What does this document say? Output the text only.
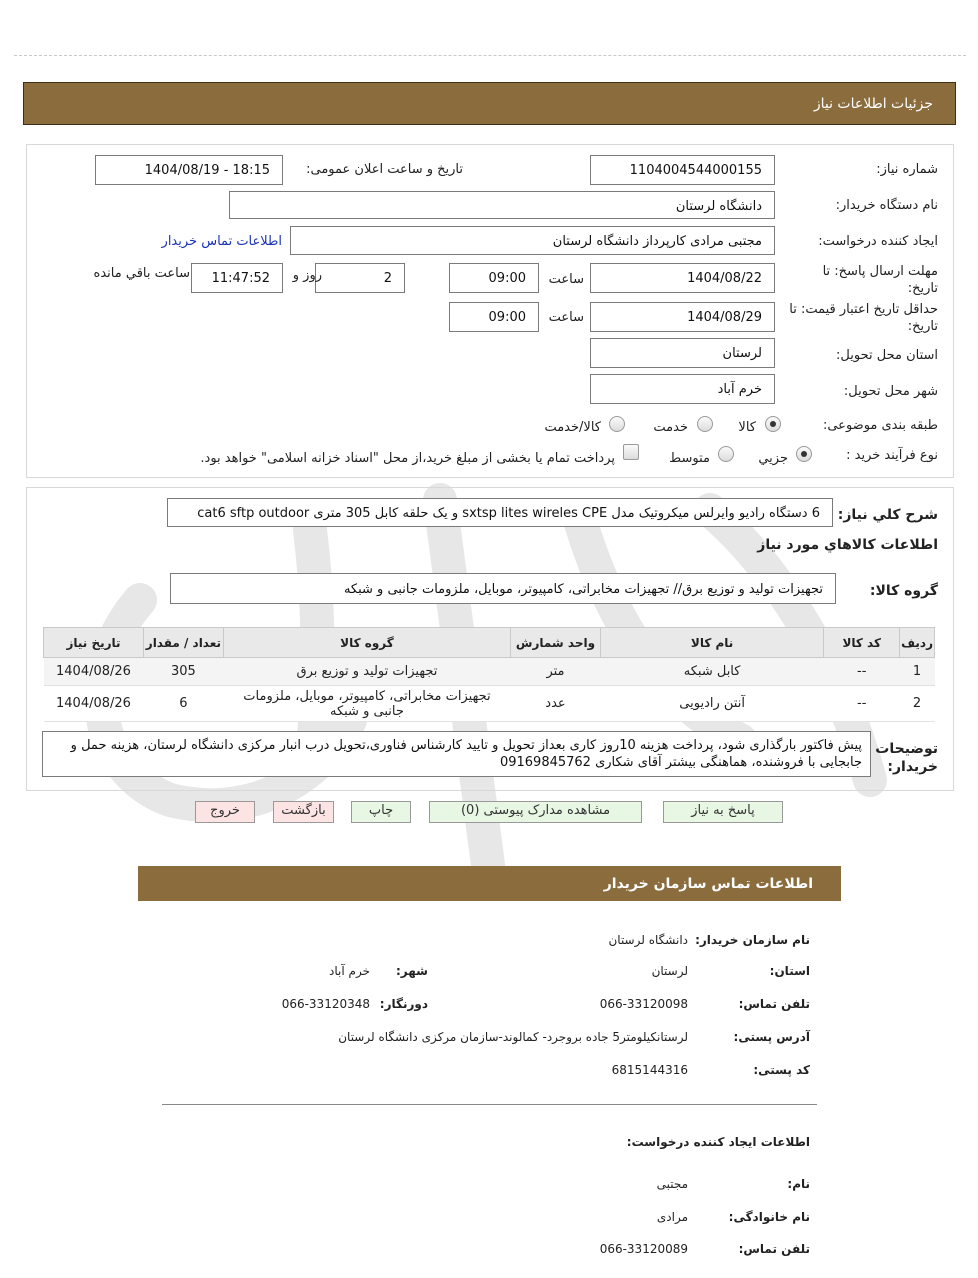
جزئیات اطلاعات نیاز
شماره نیاز:
1104004544000155
تاریخ و ساعت اعلان عمومی:
1404/08/19 - 18:15
نام دستگاه خریدار:
دانشگاه لرستان
ایجاد کننده درخواست:
مجتبی مرادی کارپرداز دانشگاه لرستان
اطلاعات تماس خریدار
مهلت ارسال پاسخ: تا تاریخ:
1404/08/22
ساعت
09:00
2
روز و
11:47:52
ساعت باقي مانده
حداقل تاریخ اعتبار قیمت: تا تاریخ:
1404/08/29
ساعت
09:00
استان محل تحویل:
لرستان
شهر محل تحویل:
خرم آباد
طبقه بندی موضوعی:
کالا
خدمت
کالا/خدمت
نوع فرآیند خرید :
جزيي
متوسط
پرداخت تمام یا بخشی از مبلغ خرید،از محل "اسناد خزانه اسلامی" خواهد بود.
شرح کلي نياز:
6 دستگاه رادیو وایرلس میکروتیک مدل sxtsp lites wireles CPE و یک حلقه کابل 305 متری cat6 sftp outdoor
اطلاعات کالاهاي مورد نياز
گروه کالا:
تجهیزات تولید و توزیع برق// تجهیزات مخابراتی، کامپیوتر، موبایل، ملزومات جانبی و شبکه
رديف	کد کالا	نام کالا	واحد شمارش	گروه کالا	تعداد / مقدار	تاریخ نیاز
1	--	کابل شبکه	متر	تجهیزات تولید و توزیع برق	305	1404/08/26
2	--	آنتن رادیویی	عدد	تجهیزات مخابراتی، کامپیوتر، موبایل، ملزومات جانبی و شبکه	6	1404/08/26
توضیحات خریدار:
پیش فاکتور بارگذاری شود، پرداخت هزینه 10روز کاری بعداز تحویل و تایید کارشناس فناوری،تحویل درب انبار مرکزی دانشگاه لرستان، هزینه حمل و جابجایی با فروشنده، هماهنگی بیشتر آقای شکاری 09169845762
پاسخ به نیاز
مشاهده مدارک پیوستی (0)
چاپ
بازگشت
خروج
اطلاعات تماس سازمان خریدار
نام سازمان خریدار:
دانشگاه لرستان
استان:
لرستان
شهر:
خرم آباد
تلفن تماس:
066-33120098
دورنگار:
066-33120348
آدرس پستی:
لرستانکیلومتر5 جاده بروجرد- کمالوند-سازمان مرکزی دانشگاه لرستان
کد پستی:
6815144316
اطلاعات ایجاد کننده درخواست:
نام:
مجتبی
نام خانوادگی:
مرادی
تلفن تماس:
066-33120089
